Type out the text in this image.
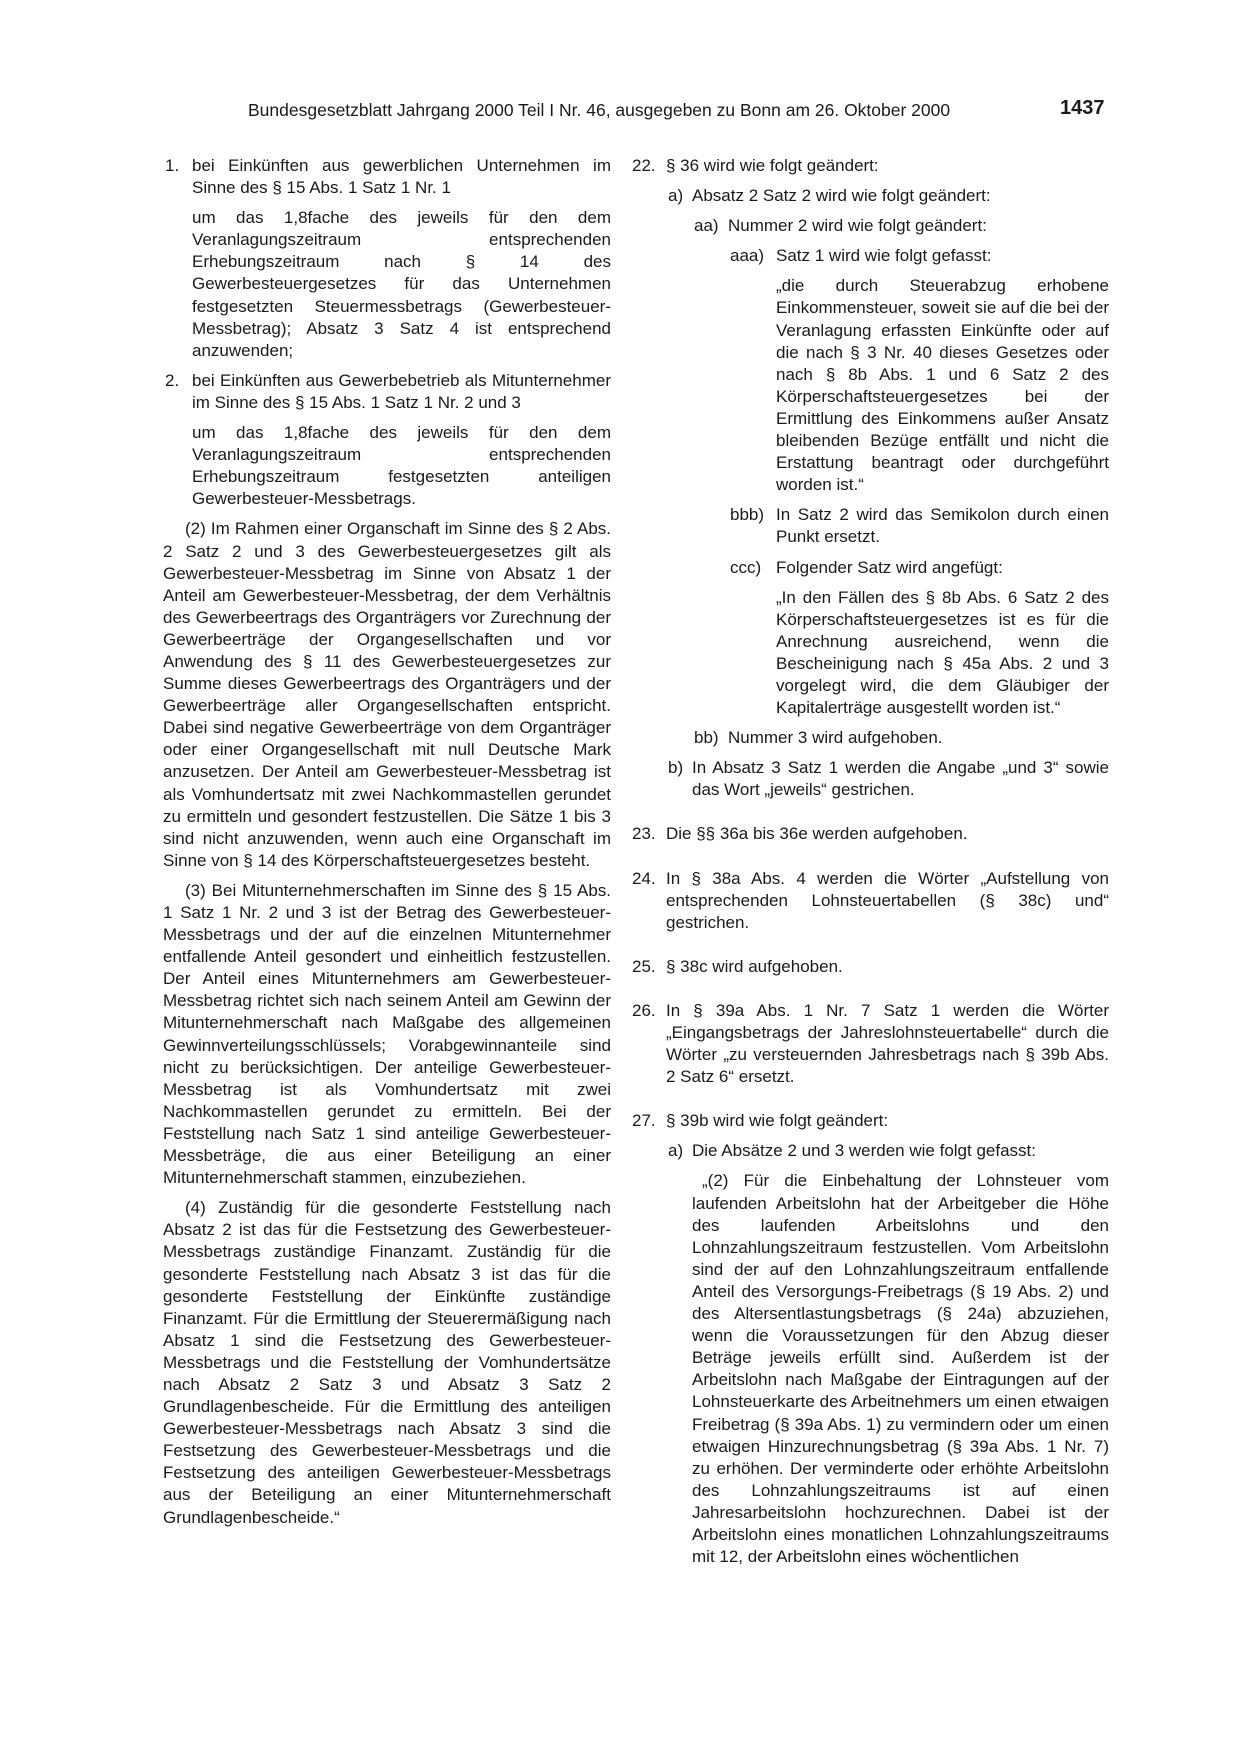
Bundesgesetzblatt Jahrgang 2000 Teil I Nr. 46, ausgegeben zu Bonn am 26. Oktober 2000	1437
1. bei Einkünften aus gewerblichen Unternehmen im Sinne des § 15 Abs. 1 Satz 1 Nr. 1
um das 1,8fache des jeweils für den dem Veranlagungszeitraum entsprechenden Erhebungszeitraum nach § 14 des Gewerbesteuergesetzes für das Unternehmen festgesetzten Steuermessbetrags (Gewerbesteuer-Messbetrag); Absatz 3 Satz 4 ist entsprechend anzuwenden;
2. bei Einkünften aus Gewerbebetrieb als Mitunternehmer im Sinne des § 15 Abs. 1 Satz 1 Nr. 2 und 3
um das 1,8fache des jeweils für den dem Veranlagungszeitraum entsprechenden Erhebungszeitraum festgesetzten anteiligen Gewerbesteuer-Messbetrags.

(2) Im Rahmen einer Organschaft im Sinne des § 2 Abs. 2 Satz 2 und 3 des Gewerbesteuergesetzes gilt als Gewerbesteuer-Messbetrag im Sinne von Absatz 1 der Anteil am Gewerbesteuer-Messbetrag, der dem Verhältnis des Gewerbeertrags des Organträgers vor Zurechnung der Gewerbeerträge der Organgesellschaften und vor Anwendung des § 11 des Gewerbesteuergesetzes zur Summe dieses Gewerbeertrags des Organträgers und der Gewerbeerträge aller Organgesellschaften entspricht. Dabei sind negative Gewerbeerträge von dem Organträger oder einer Organgesellschaft mit null Deutsche Mark anzusetzen. Der Anteil am Gewerbesteuer-Messbetrag ist als Vomhundertsatz mit zwei Nachkommastellen gerundet zu ermitteln und gesondert festzustellen. Die Sätze 1 bis 3 sind nicht anzuwenden, wenn auch eine Organschaft im Sinne von § 14 des Körperschaftsteuergesetzes besteht.

(3) Bei Mitunternehmerschaften im Sinne des § 15 Abs. 1 Satz 1 Nr. 2 und 3 ist der Betrag des Gewerbesteuer-Messbetrags und der auf die einzelnen Mitunternehmer entfallende Anteil gesondert und einheitlich festzustellen. Der Anteil eines Mitunternehmers am Gewerbesteuer-Messbetrag richtet sich nach seinem Anteil am Gewinn der Mitunternehmerschaft nach Maßgabe des allgemeinen Gewinnverteilungsschlüssels; Vorabgewinnanteile sind nicht zu berücksichtigen. Der anteilige Gewerbesteuer-Messbetrag ist als Vomhundertsatz mit zwei Nachkommastellen gerundet zu ermitteln. Bei der Feststellung nach Satz 1 sind anteilige Gewerbesteuer-Messbeträge, die aus einer Beteiligung an einer Mitunternehmerschaft stammen, einzubeziehen.

(4) Zuständig für die gesonderte Feststellung nach Absatz 2 ist das für die Festsetzung des Gewerbesteuer-Messbetrags zuständige Finanzamt. Zuständig für die gesonderte Feststellung nach Absatz 3 ist das für die gesonderte Feststellung der Einkünfte zuständige Finanzamt. Für die Ermittlung der Steuerermäßigung nach Absatz 1 sind die Festsetzung des Gewerbesteuer-Messbetrags und die Feststellung der Vomhundertsätze nach Absatz 2 Satz 3 und Absatz 3 Satz 2 Grundlagenbescheide. Für die Ermittlung des anteiligen Gewerbesteuer-Messbetrags nach Absatz 3 sind die Festsetzung des Gewerbesteuer-Messbetrags und die Festsetzung des anteiligen Gewerbesteuer-Messbetrags aus der Beteiligung an einer Mitunternehmerschaft Grundlagenbescheide.“

22. § 36 wird wie folgt geändert:
a) Absatz 2 Satz 2 wird wie folgt geändert:
aa) Nummer 2 wird wie folgt geändert:
aaa) Satz 1 wird wie folgt gefasst:
„die durch Steuerabzug erhobene Einkommensteuer, soweit sie auf die bei der Veranlagung erfassten Einkünfte oder auf die nach § 3 Nr. 40 dieses Gesetzes oder nach § 8b Abs. 1 und 6 Satz 2 des Körperschaftsteuergesetzes bei der Ermittlung des Einkommens außer Ansatz bleibenden Bezüge entfällt und nicht die Erstattung beantragt oder durchgeführt worden ist.“
bbb) In Satz 2 wird das Semikolon durch einen Punkt ersetzt.
ccc) Folgender Satz wird angefügt:
„In den Fällen des § 8b Abs. 6 Satz 2 des Körperschaftsteuergesetzes ist es für die Anrechnung ausreichend, wenn die Bescheinigung nach § 45a Abs. 2 und 3 vorgelegt wird, die dem Gläubiger der Kapitalerträge ausgestellt worden ist.“
bb) Nummer 3 wird aufgehoben.
b) In Absatz 3 Satz 1 werden die Angabe „und 3“ sowie das Wort „jeweils“ gestrichen.
23. Die §§ 36a bis 36e werden aufgehoben.
24. In § 38a Abs. 4 werden die Wörter „Aufstellung von entsprechenden Lohnsteuertabellen (§ 38c) und“ gestrichen.
25. § 38c wird aufgehoben.
26. In § 39a Abs. 1 Nr. 7 Satz 1 werden die Wörter „Eingangsbetrags der Jahreslohnsteuertabelle“ durch die Wörter „zu versteuernden Jahresbetrags nach § 39b Abs. 2 Satz 6“ ersetzt.
27. § 39b wird wie folgt geändert:
a) Die Absätze 2 und 3 werden wie folgt gefasst:
„(2) Für die Einbehaltung der Lohnsteuer vom laufenden Arbeitslohn hat der Arbeitgeber die Höhe des laufenden Arbeitslohns und den Lohnzahlungszeitraum festzustellen. Vom Arbeitslohn sind der auf den Lohnzahlungszeitraum entfallende Anteil des Versorgungs-Freibetrags (§ 19 Abs. 2) und des Altersentlastungsbetrags (§ 24a) abzuziehen, wenn die Voraussetzungen für den Abzug dieser Beträge jeweils erfüllt sind. Außerdem ist der Arbeitslohn nach Maßgabe der Eintragungen auf der Lohnsteuerkarte des Arbeitnehmers um einen etwaigen Freibetrag (§ 39a Abs. 1) zu vermindern oder um einen etwaigen Hinzurechnungsbetrag (§ 39a Abs. 1 Nr. 7) zu erhöhen. Der verminderte oder erhöhte Arbeitslohn des Lohnzahlungszeitraums ist auf einen Jahresarbeitslohn hochzurechnen. Dabei ist der Arbeitslohn eines monatlichen Lohnzahlungszeitraums mit 12, der Arbeitslohn eines wöchentlichen
